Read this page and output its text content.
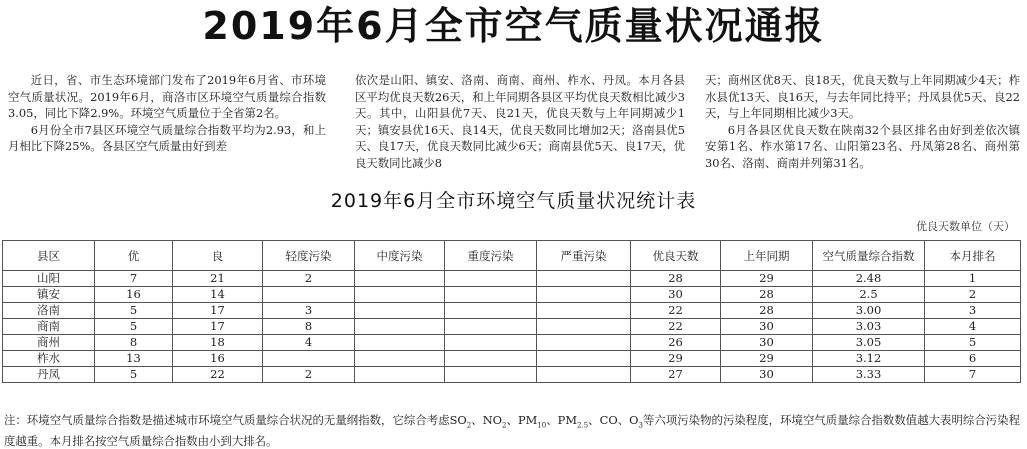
2019年6月全市空气质量状况通报

近日，省、市生态环境部门发布了2019年6月省、市环境空气质量状况。2019年6月，商洛市区环境空气质量综合指数3.05，同比下降2.9%。环境空气质量位于全省第2名。

6月份全市7县区环境空气质量综合指数平均为2.93，和上月相比下降25%。各县区空气质量由好到差

依次是山阳、镇安、洛南、商南、商州、柞水、丹凤。本月各县区平均优良天数26天，和上年同期各县区平均优良天数相比减少3天。其中，山阳县优7天、良21天，优良天数与上年同期减少1天；镇安县优16天、良14天，优良天数同比增加2天；洛南县优5天、良17天，优良天数同比减少6天；商南县优5天、良17天，优良天数同比减少8

天；商州区优8天、良18天，优良天数与上年同期减少4天；柞水县优13天、良16天，与去年同比持平；丹凤县优5天、良22天，与上年同期相比减少3天。

6月各县区优良天数在陕南32个县区排名由好到差依次镇安第1名、柞水第17名、山阳第23名、丹凤第28名、商州第30名、洛南、商南并列第31名。

2019年6月全市环境空气质量状况统计表
优良天数单位（天）
县区	优	良	轻度污染	中度污染	重度污染	严重污染	优良天数	上年同期	空气质量综合指数	本月排名
山阳	7	21	2				28	29	2.48	1
镇安	16	14					30	28	2.5	2
洛南	5	17	3				22	28	3.00	3
商南	5	17	8				22	30	3.03	4
商州	8	18	4				26	30	3.05	5
柞水	13	16					29	29	3.12	6
丹凤	5	22	2				27	30	3.33	7
注：环境空气质量综合指数是描述城市环境空气质量综合状况的无量纲指数，它综合考虑$SO_2$、$NO_2$、$PM_{10}$、$PM_{2.5}$、CO、$O_3$等六项污染物的污染程度，环境空气质量综合指数数值越大表明综合污染程度越重。本月排名按空气质量综合指数由小到大排名。
